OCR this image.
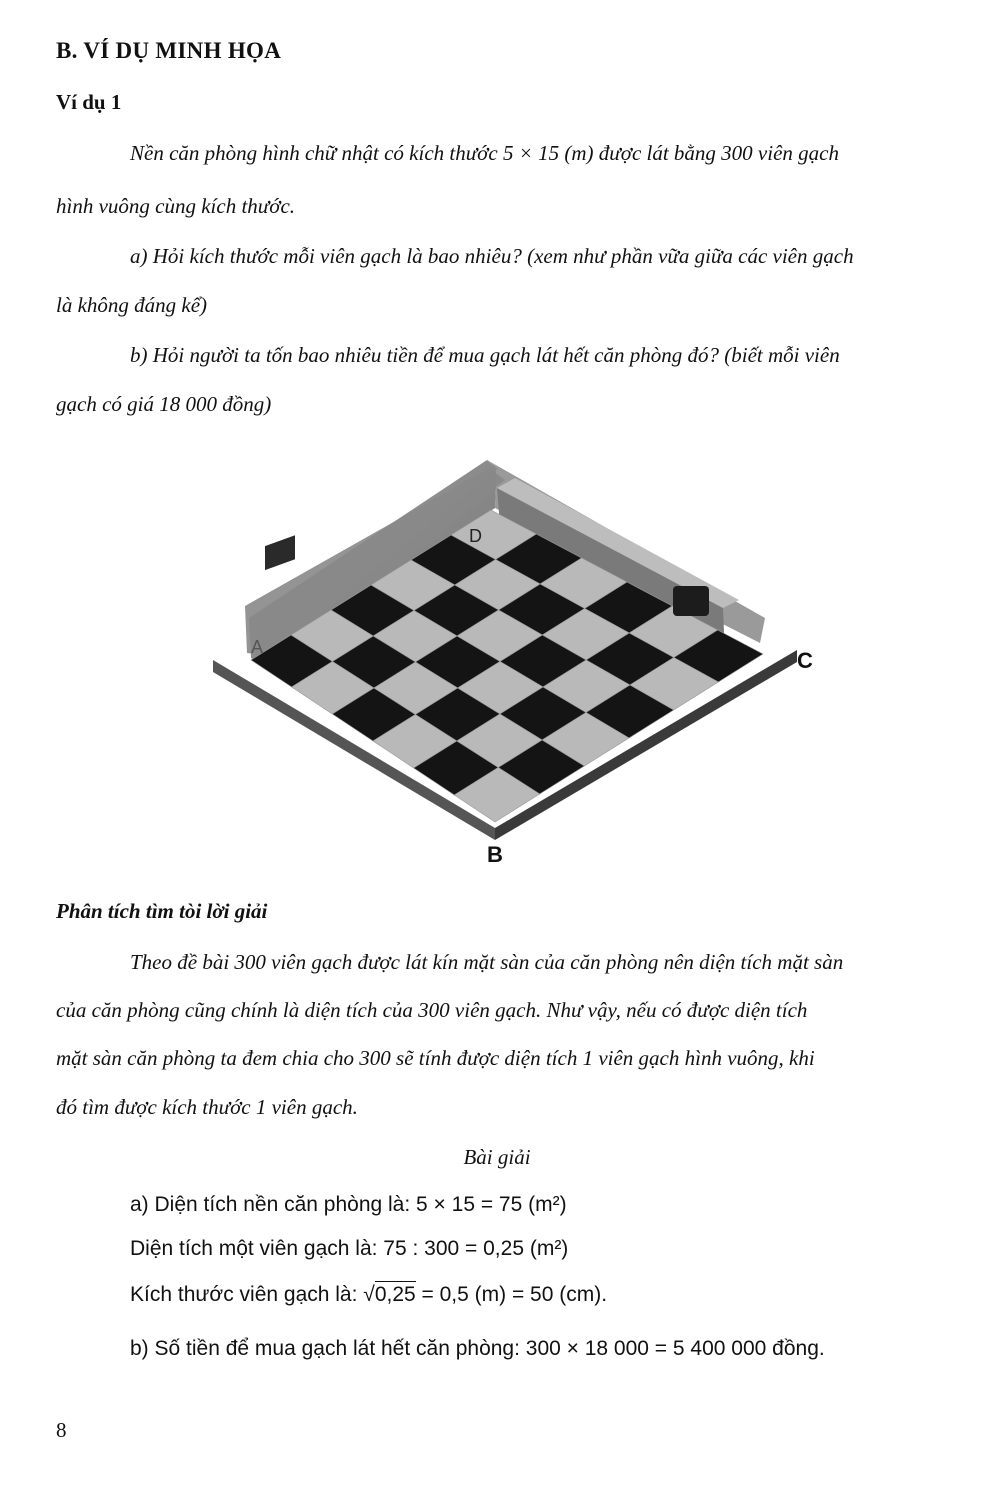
B. VÍ DỤ MINH HỌA
Ví dụ 1
Nền căn phòng hình chữ nhật có kích thước 5 × 15 (m) được lát bằng 300 viên gạch
hình vuông cùng kích thước.
a) Hỏi kích thước mỗi viên gạch là bao nhiêu? (xem như phần vữa giữa các viên gạch
là không đáng kể)
b) Hỏi người ta tốn bao nhiêu tiền để mua gạch lát hết căn phòng đó? (biết mỗi viên
gạch có giá 18 000 đồng)
A
D
C
B
Phân tích tìm tòi lời giải
Theo đề bài 300 viên gạch được lát kín mặt sàn của căn phòng nên diện tích mặt sàn
của căn phòng cũng chính là diện tích của 300 viên gạch. Như vậy, nếu có được diện tích
mặt sàn căn phòng ta đem chia cho 300 sẽ tính được diện tích 1 viên gạch hình vuông, khi
đó tìm được kích thước 1 viên gạch.
Bài giải
a) Diện tích nền căn phòng là: 5 × 15 = 75 (m²)
Diện tích một viên gạch là: 75 : 300 = 0,25 (m²)
Kích thước viên gạch là: √0,25 = 0,5 (m) = 50 (cm).
b) Số tiền để mua gạch lát hết căn phòng: 300 × 18 000 = 5 400 000 đồng.
8
